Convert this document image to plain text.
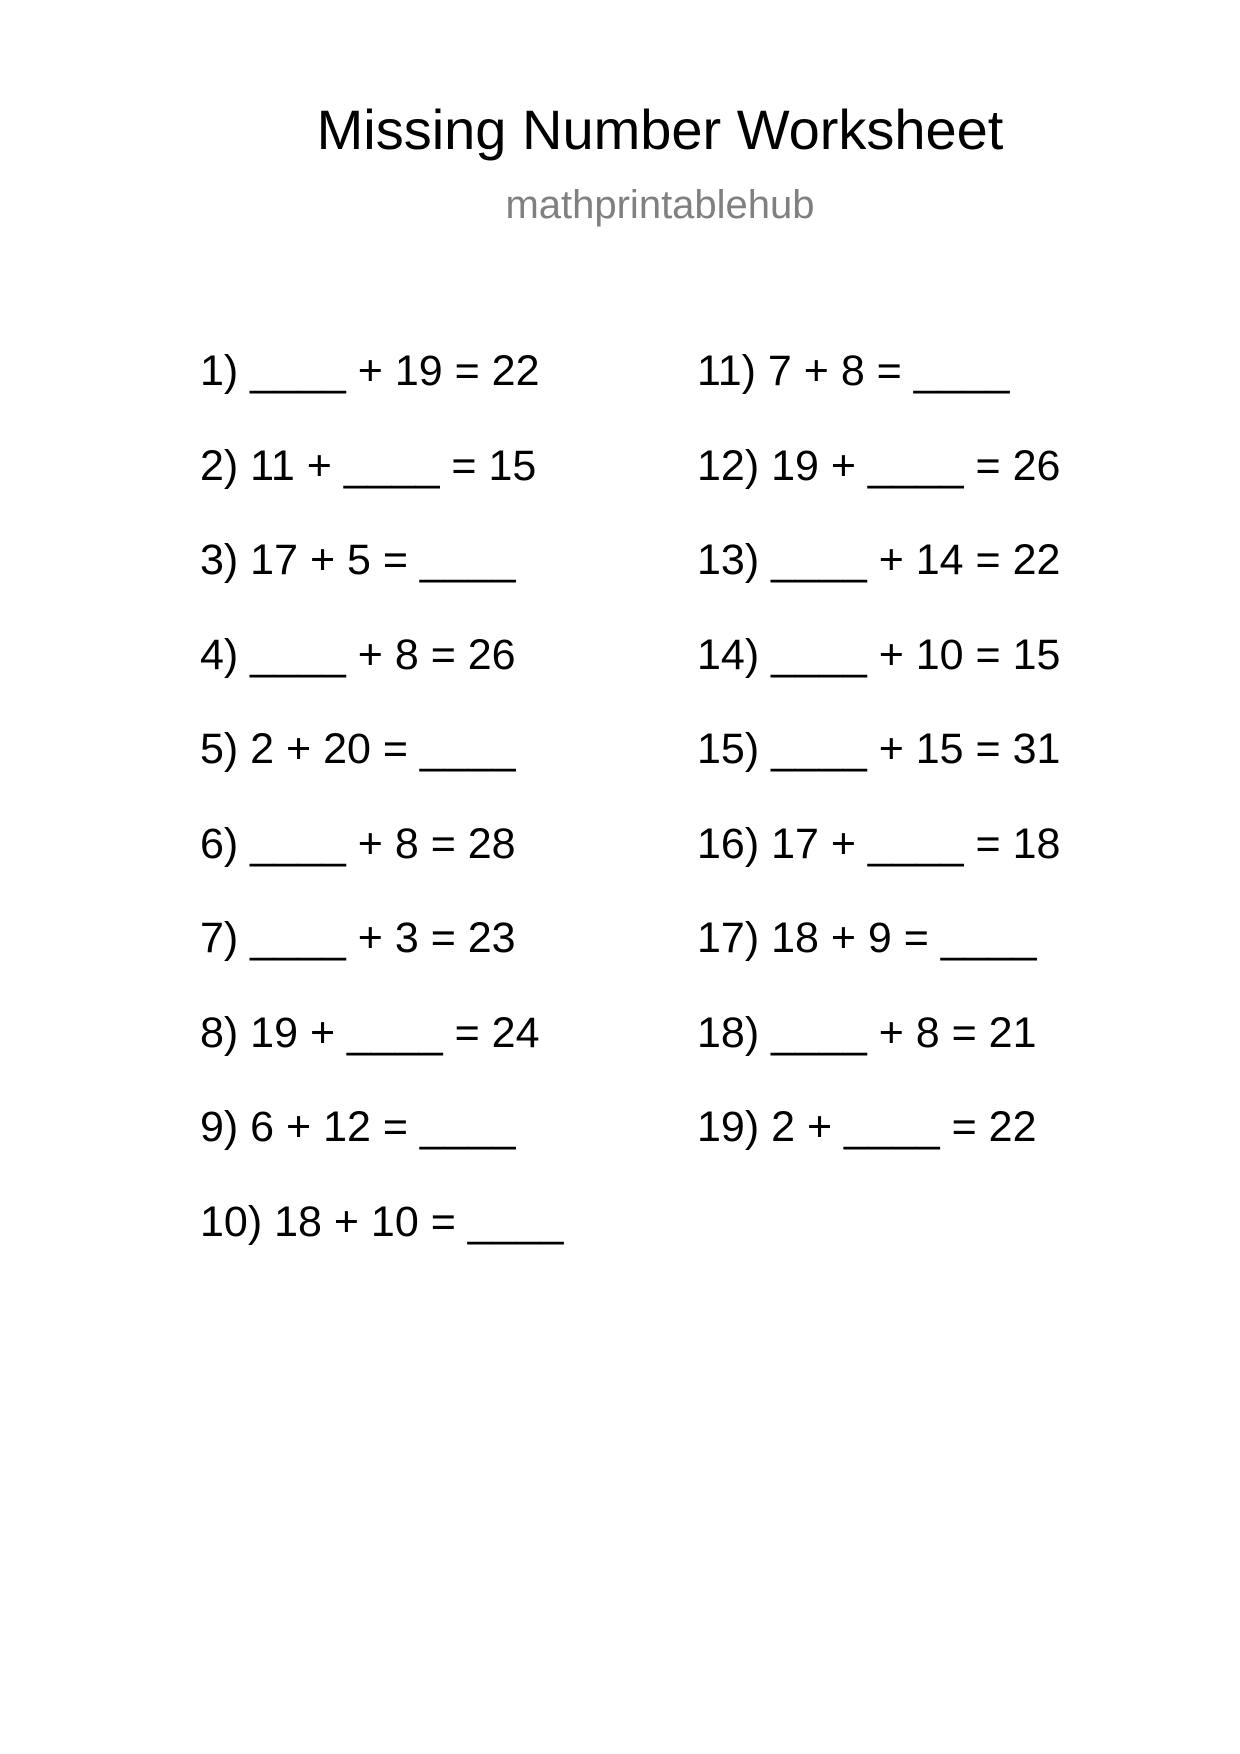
Missing Number Worksheet
mathprintablehub
1) ____ + 19 = 22
2) 11 + ____ = 15
3) 17 + 5 = ____
4) ____ + 8 = 26
5) 2 + 20 = ____
6) ____ + 8 = 28
7) ____ + 3 = 23
8) 19 + ____ = 24
9) 6 + 12 = ____
10) 18 + 10 = ____
11) 7 + 8 = ____
12) 19 + ____ = 26
13) ____ + 14 = 22
14) ____ + 10 = 15
15) ____ + 15 = 31
16) 17 + ____ = 18
17) 18 + 9 = ____
18) ____ + 8 = 21
19) 2 + ____ = 22
